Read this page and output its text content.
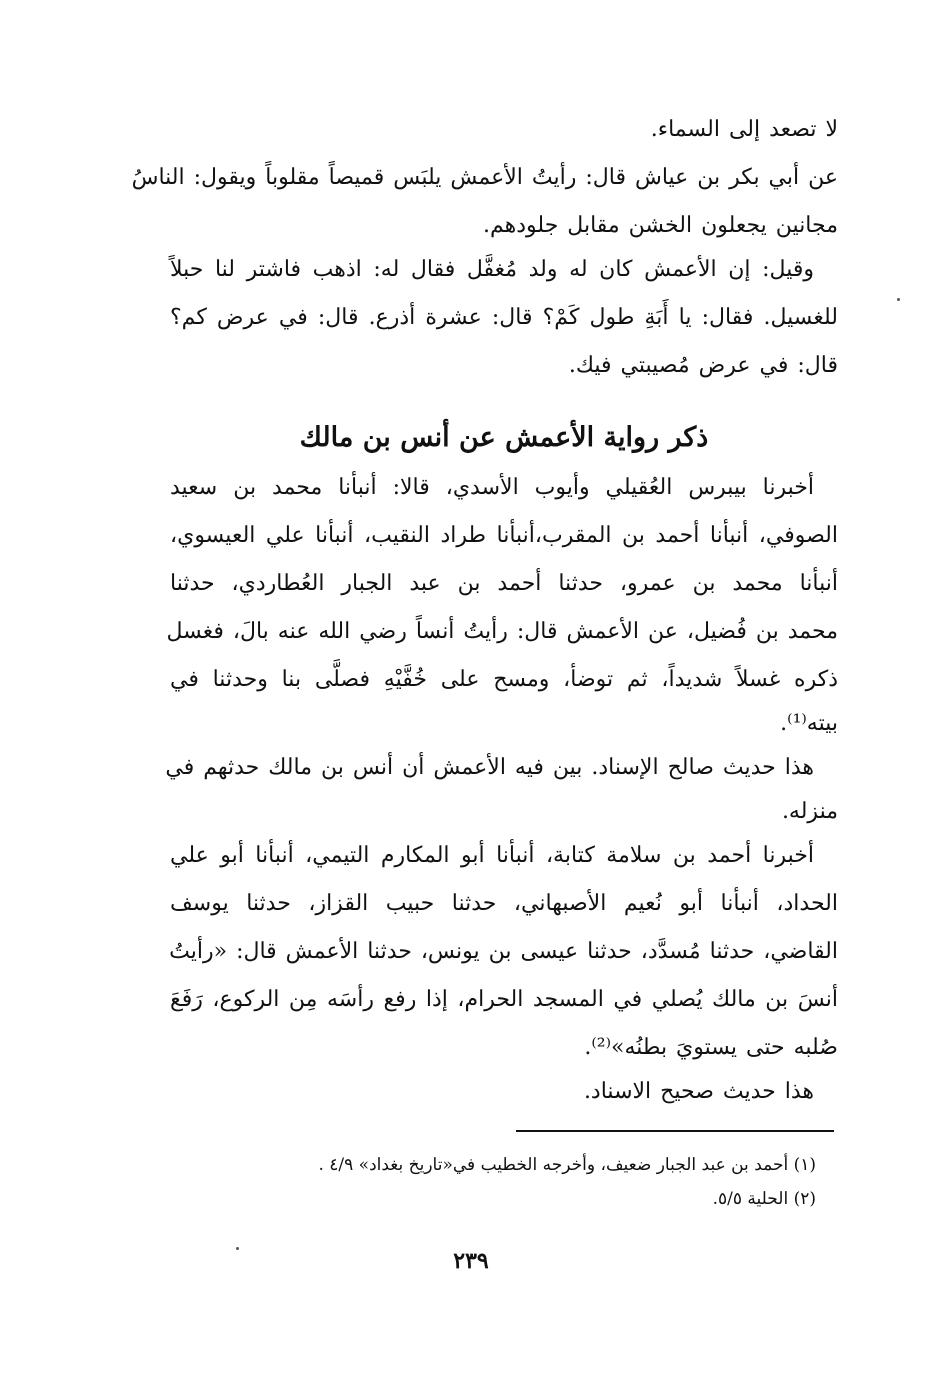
لا تصعد إلى السماء.
عن أبي بكر بن عياش قال: رأيتُ الأعمش يلبَس قميصاً مقلوباً ويقول: الناسُ
مجانين يجعلون الخشن مقابل جلودهم.
وقيل: إن الأعمش كان له ولد مُغفَّل فقال له: اذهب فاشتر لنا حبلاً
للغسيل. فقال: يا أَبَةِ طول كَمْ؟ قال: عشرة أذرع. قال: في عرض كم؟
قال: في عرض مُصيبتي فيك.
ذكر رواية الأعمش عن أنس بن مالك
أخبرنا بيبرس العُقيلي وأيوب الأسدي، قالا: أنبأنا محمد بن سعيد
الصوفي، أنبأنا أحمد بن المقرب،أنبأنا طراد النقيب، أنبأنا علي العيسوي،
أنبأنا محمد بن عمرو، حدثنا أحمد بن عبد الجبار العُطاردي، حدثنا
محمد بن فُضيل، عن الأعمش قال: رأيتُ أنساً رضي الله عنه بالَ، فغسل
ذكره غسلاً شديداً، ثم توضأ، ومسح على خُفَّيْهِ فصلَّى بنا وحدثنا في
بيته⁽¹⁾.
هذا حديث صالح الإسناد. بين فيه الأعمش أن أنس بن مالك حدثهم في
منزله.
أخبرنا أحمد بن سلامة كتابة، أنبأنا أبو المكارم التيمي، أنبأنا أبو علي
الحداد، أنبأنا أبو نُعيم الأصبهاني، حدثنا حبيب القزاز، حدثنا يوسف
القاضي، حدثنا مُسدَّد، حدثنا عيسى بن يونس، حدثنا الأعمش قال: «رأيتُ
أنسَ بن مالك يُصلي في المسجد الحرام، إذا رفع رأسَه مِن الركوع، رَفَعَ
صُلبه حتى يستويَ بطنُه»⁽²⁾.
هذا حديث صحيح الاسناد.
(١) أحمد بن عبد الجبار ضعيف، وأخرجه الخطيب في«تاريخ بغداد» ٤/٩ .
(٢) الحلية ٥/٥.
٢٣٩
